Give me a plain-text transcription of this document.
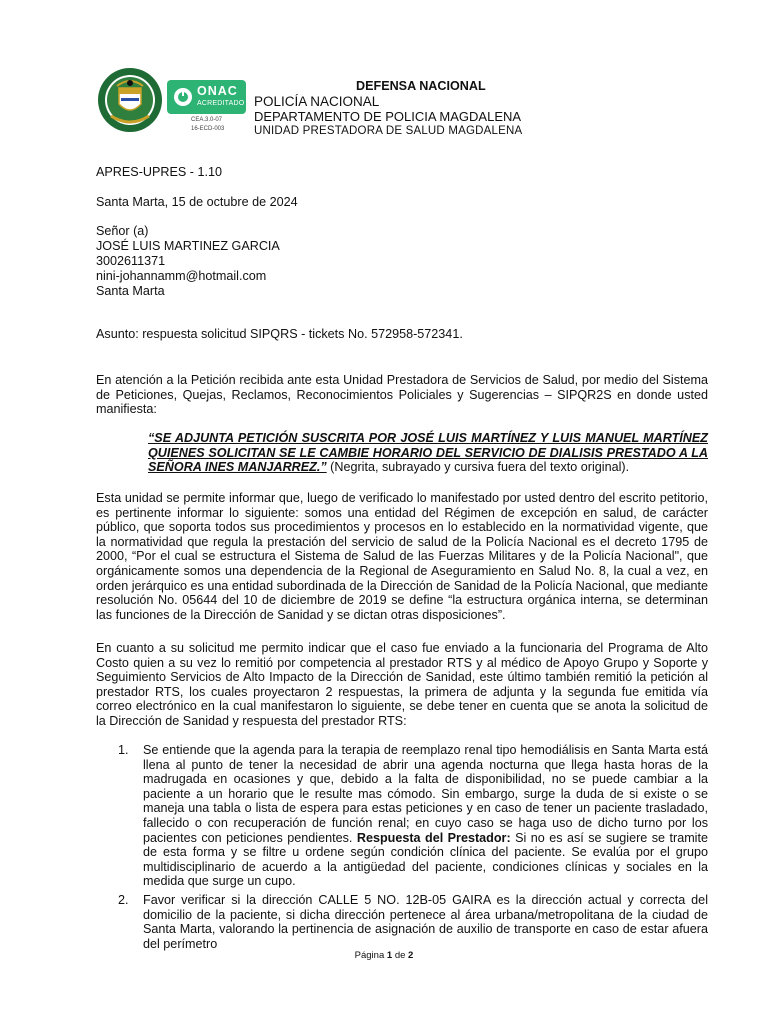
ONAC
ACREDITADO
CEA.3.0-07
16-ECD-003
DEFENSA NACIONAL
POLICÍA NACIONAL
DEPARTAMENTO DE POLICIA MAGDALENA
UNIDAD PRESTADORA DE SALUD MAGDALENA
APRES-UPRES - 1.10
Santa Marta, 15 de octubre de 2024
Señor (a)
JOSÉ LUIS MARTINEZ GARCIA
3002611371
nini-johannamm@hotmail.com
Santa Marta
Asunto: respuesta solicitud SIPQRS - tickets No. 572958-572341.
En atención a la Petición recibida ante esta Unidad Prestadora de Servicios de Salud, por medio del Sistema de Peticiones, Quejas, Reclamos, Reconocimientos Policiales y Sugerencias – SIPQR2S en donde usted manifiesta:
“SE ADJUNTA PETICIÓN SUSCRITA POR JOSÉ LUIS MARTÍNEZ Y LUIS MANUEL MARTÍNEZ QUIENES SOLICITAN SE LE CAMBIE HORARIO DEL SERVICIO DE DIALISIS PRESTADO A LA SEÑORA INES MANJARREZ.” (Negrita, subrayado y cursiva fuera del texto original).
Esta unidad se permite informar que, luego de verificado lo manifestado por usted dentro del escrito petitorio, es pertinente informar lo siguiente: somos una entidad del Régimen de excepción en salud, de carácter público, que soporta todos sus procedimientos y procesos en lo establecido en la normatividad vigente, que la normatividad que regula la prestación del servicio de salud de la Policía Nacional es el decreto 1795 de 2000, “Por el cual se estructura el Sistema de Salud de las Fuerzas Militares y de la Policía Nacional", que orgánicamente somos una dependencia de la Regional de Aseguramiento en Salud No. 8, la cual a vez, en orden jerárquico es una entidad subordinada de la Dirección de Sanidad de la Policía Nacional, que mediante resolución No. 05644 del 10 de diciembre de 2019 se define “la estructura orgánica interna, se determinan las funciones de la Dirección de Sanidad y se dictan otras disposiciones”.
En cuanto a su solicitud me permito indicar que el caso fue enviado a la funcionaria del Programa de Alto Costo quien a su vez lo remitió por competencia al prestador RTS y al médico de Apoyo Grupo y Soporte y Seguimiento Servicios de Alto Impacto de la Dirección de Sanidad, este último también remitió la petición al prestador RTS, los cuales proyectaron 2 respuestas, la primera de adjunta y la segunda fue emitida vía correo electrónico en la cual manifestaron lo siguiente, se debe tener en cuenta que se anota la solicitud de la Dirección de Sanidad y respuesta del prestador RTS:
1. Se entiende que la agenda para la terapia de reemplazo renal tipo hemodiálisis en Santa Marta está llena al punto de tener la necesidad de abrir una agenda nocturna que llega hasta horas de la madrugada en ocasiones y que, debido a la falta de disponibilidad, no se puede cambiar a la paciente a un horario que le resulte mas cómodo. Sin embargo, surge la duda de si existe o se maneja una tabla o lista de espera para estas peticiones y en caso de tener un paciente trasladado, fallecido o con recuperación de función renal; en cuyo caso se haga uso de dicho turno por los pacientes con peticiones pendientes. Respuesta del Prestador: Si no es así se sugiere se tramite de esta forma y se filtre u ordene según condición clínica del paciente. Se evalúa por el grupo multidisciplinario de acuerdo a la antigüedad del paciente, condiciones clínicas y sociales en la medida que surge un cupo.
2. Favor verificar si la dirección CALLE 5 NO. 12B-05 GAIRA es la dirección actual y correcta del domicilio de la paciente, si dicha dirección pertenece al área urbana/metropolitana de la ciudad de Santa Marta, valorando la pertinencia de asignación de auxilio de transporte en caso de estar afuera del perímetro
Página 1 de 2
